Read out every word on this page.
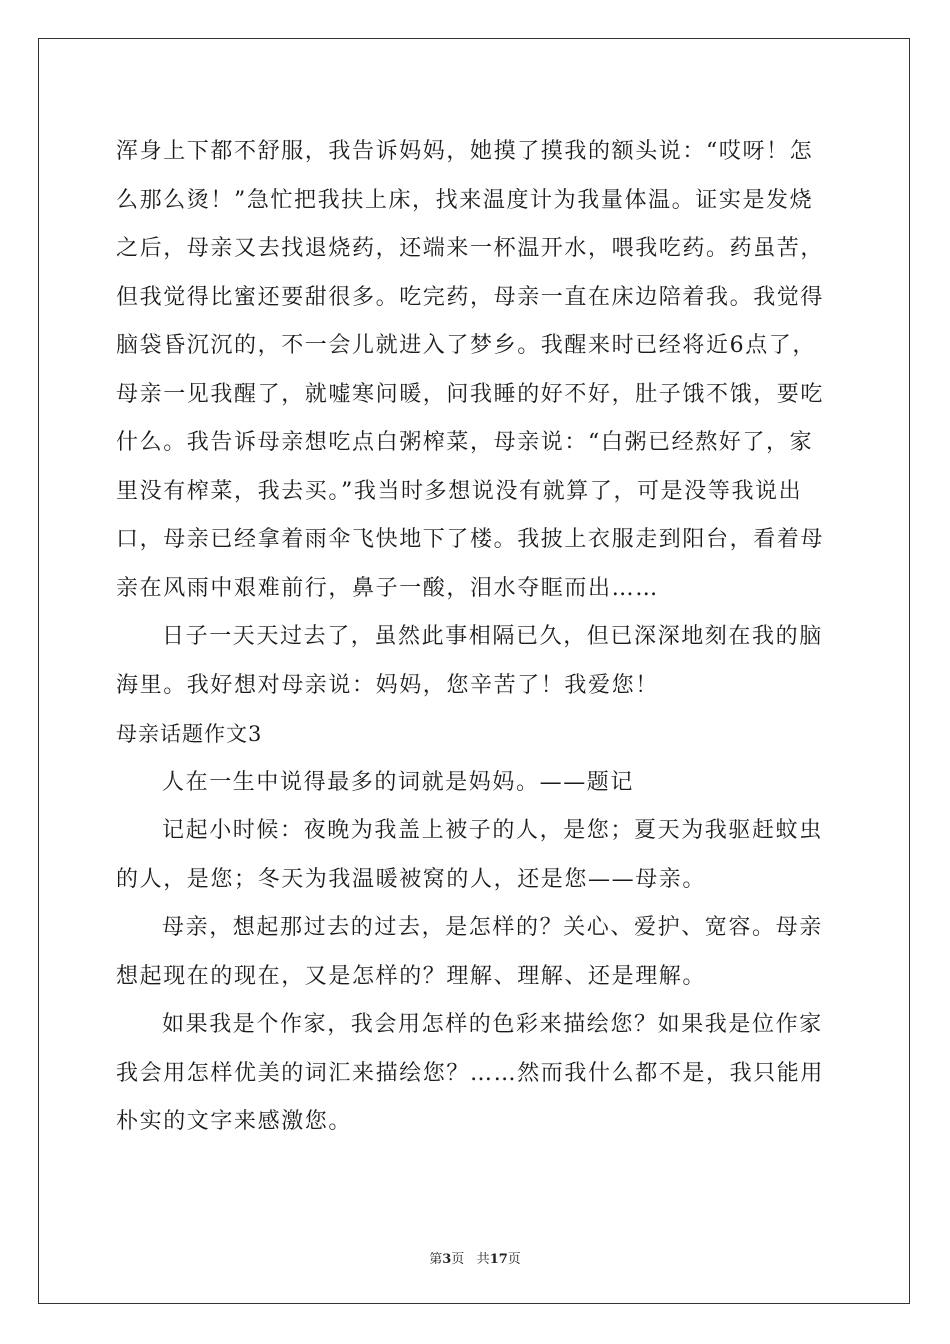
浑身上下都不舒服，我告诉妈妈，她摸了摸我的额头说：“哎呀！怎
么那么烫！”急忙把我扶上床，找来温度计为我量体温。证实是发烧
之后，母亲又去找退烧药，还端来一杯温开水，喂我吃药。药虽苦，
但我觉得比蜜还要甜很多。吃完药，母亲一直在床边陪着我。我觉得
脑袋昏沉沉的，不一会儿就进入了梦乡。我醒来时已经将近6点了，
母亲一见我醒了，就嘘寒问暖，问我睡的好不好，肚子饿不饿，要吃
什么。我告诉母亲想吃点白粥榨菜，母亲说：“白粥已经熬好了，家
里没有榨菜，我去买。”我当时多想说没有就算了，可是没等我说出
口，母亲已经拿着雨伞飞快地下了楼。我披上衣服走到阳台，看着母
亲在风雨中艰难前行，鼻子一酸，泪水夺眶而出……
日子一天天过去了，虽然此事相隔已久，但已深深地刻在我的脑
海里。我好想对母亲说：妈妈，您辛苦了！我爱您！
母亲话题作文3
人在一生中说得最多的词就是妈妈。——题记
记起小时候：夜晚为我盖上被子的人，是您；夏天为我驱赶蚊虫
的人，是您；冬天为我温暖被窝的人，还是您——母亲。
母亲，想起那过去的过去，是怎样的？关心、爱护、宽容。母亲
想起现在的现在，又是怎样的？理解、理解、还是理解。
如果我是个作家，我会用怎样的色彩来描绘您？如果我是位作家
我会用怎样优美的词汇来描绘您？……然而我什么都不是，我只能用
朴实的文字来感激您。
第3页 共17页
